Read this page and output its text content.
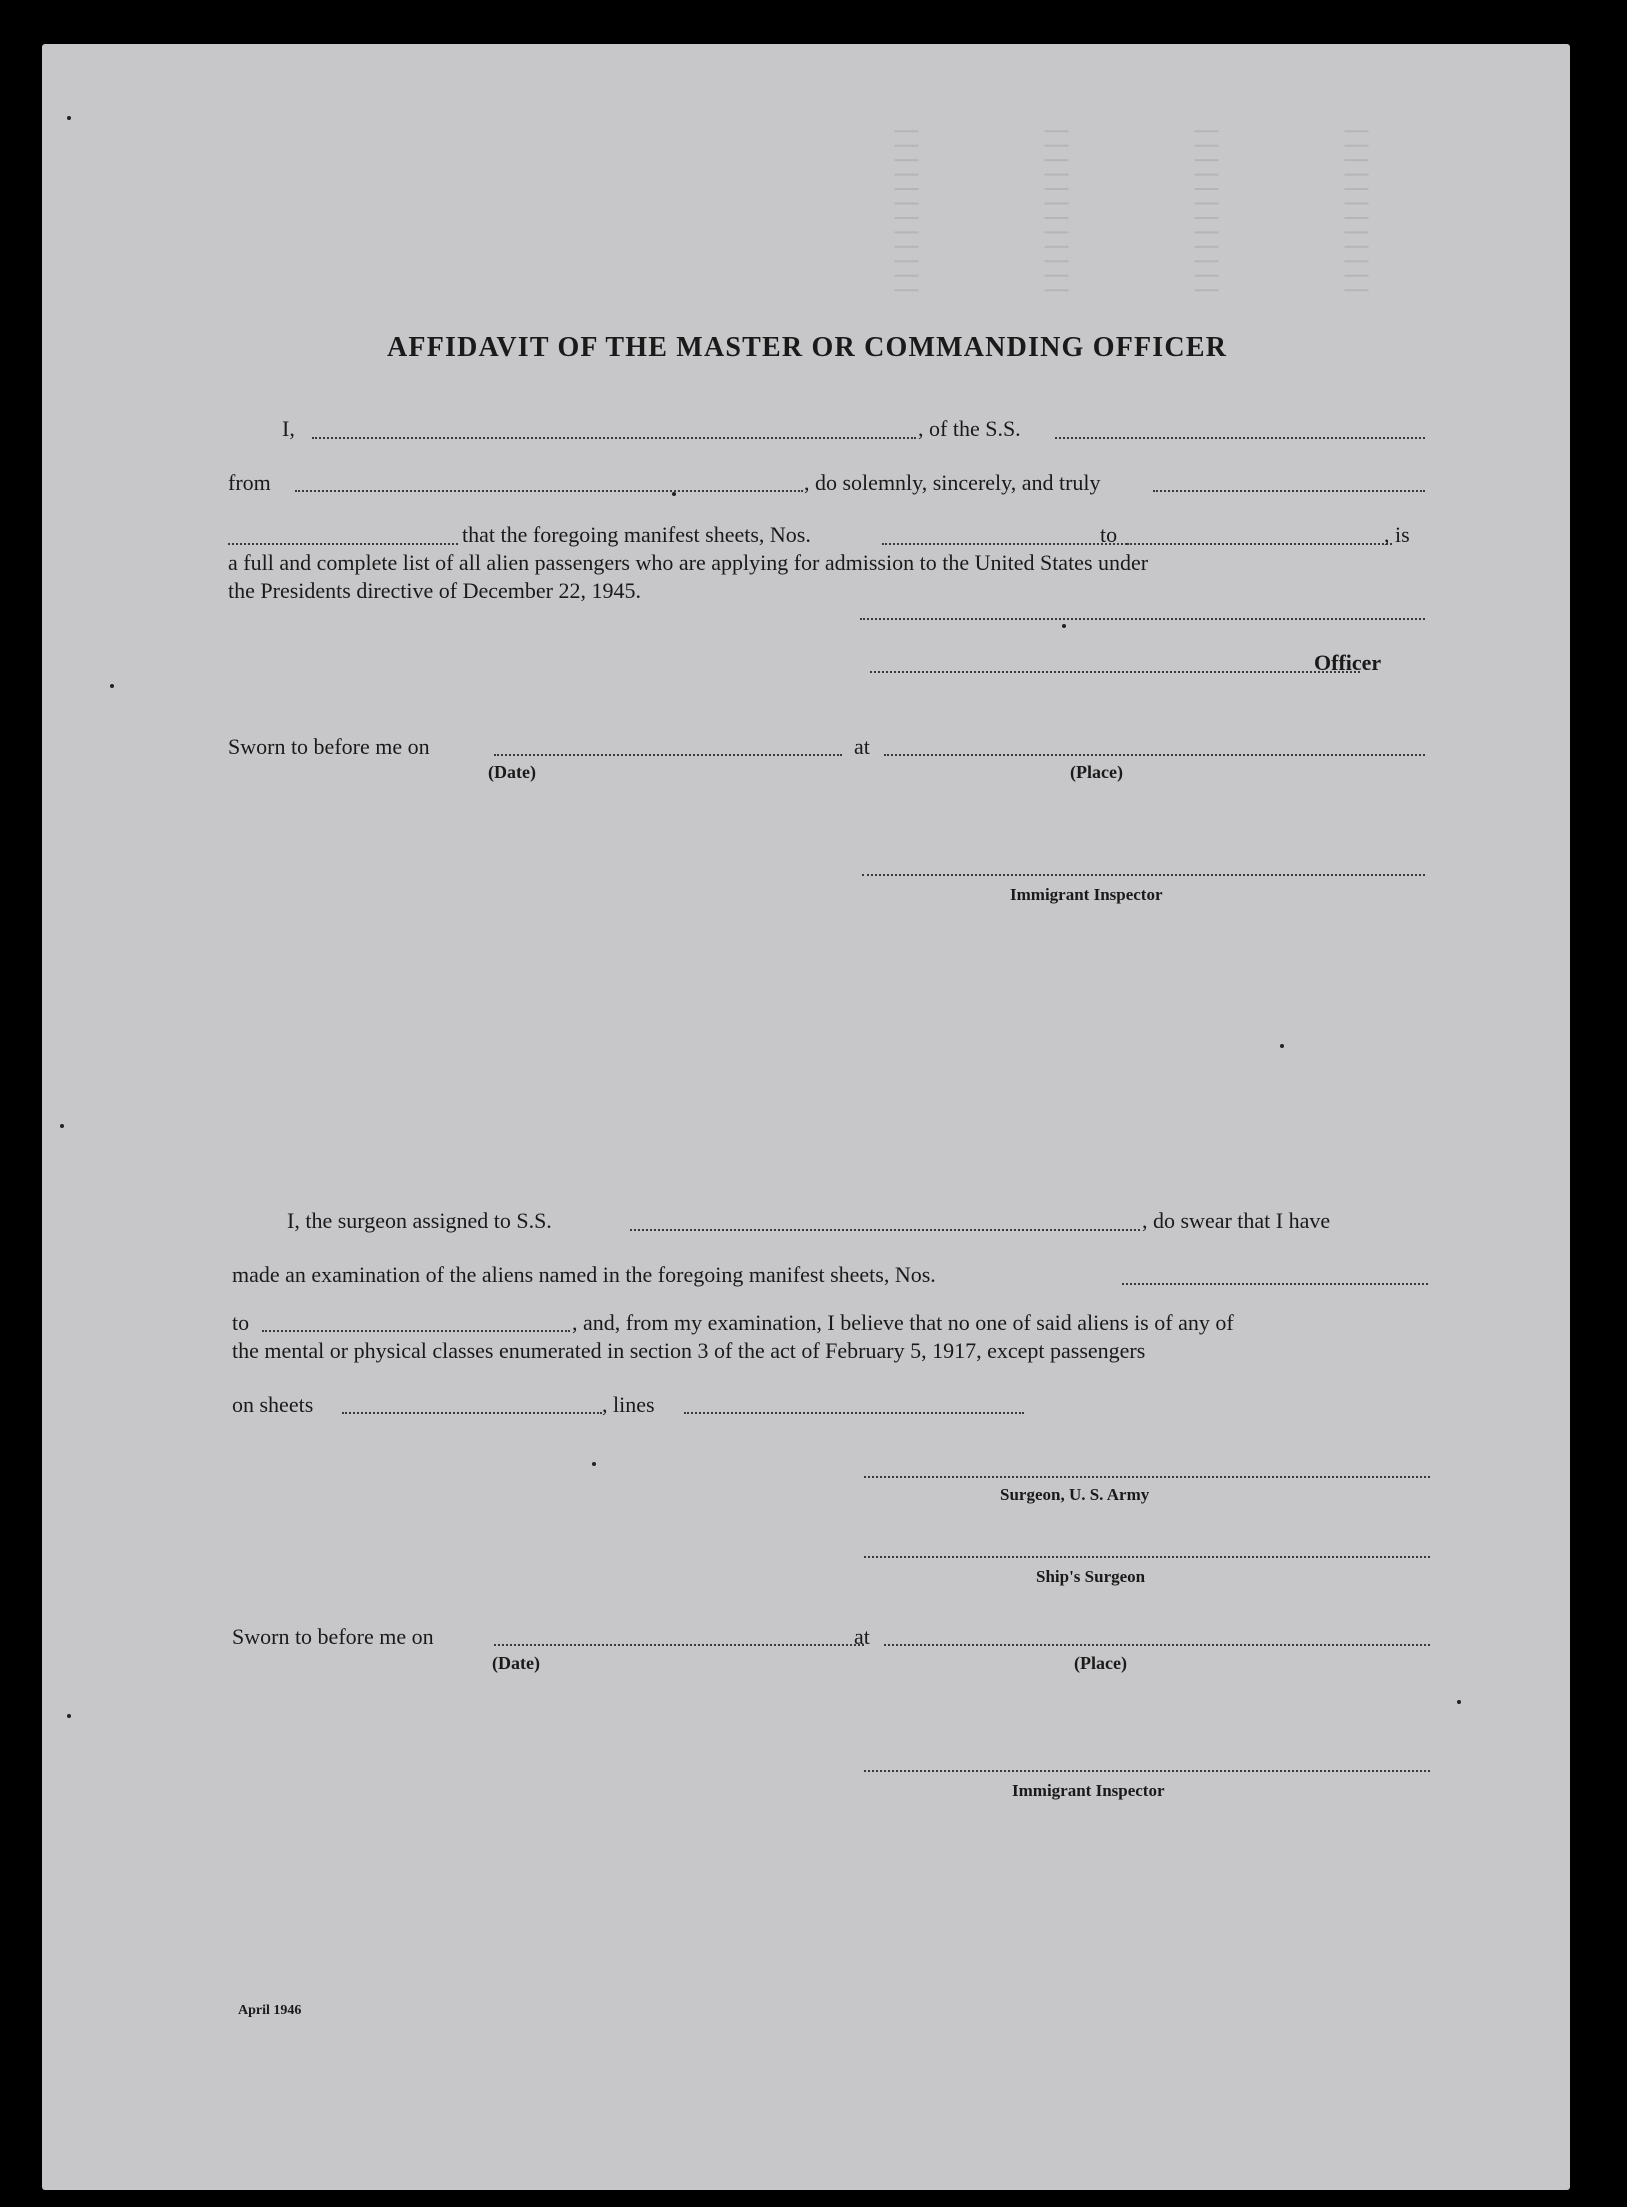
||||||||||||
||||||||||||
||||||||||||
||||||||||||
AFFIDAVIT OF THE MASTER OR COMMANDING OFFICER
I,	, of the S.S.
from	, do solemnly, sincerely, and truly
that the foregoing manifest sheets, Nos.	to	, is
a full and complete list of all alien passengers who are applying for admission to the United States under
the Presidents directive of December 22, 1945.
Officer
Sworn to before me on	at
(Date)	(Place)
Immigrant Inspector
I, the surgeon assigned to S.S.	, do swear that I have
made an examination of the aliens named in the foregoing manifest sheets, Nos.
to	, and, from my examination, I believe that no one of said aliens is of any of
the mental or physical classes enumerated in section 3 of the act of February 5, 1917, except passengers
on sheets	, lines
Surgeon, U. S. Army
Ship's Surgeon
Sworn to before me on	at
(Date)	(Place)
Immigrant Inspector
April 1946
